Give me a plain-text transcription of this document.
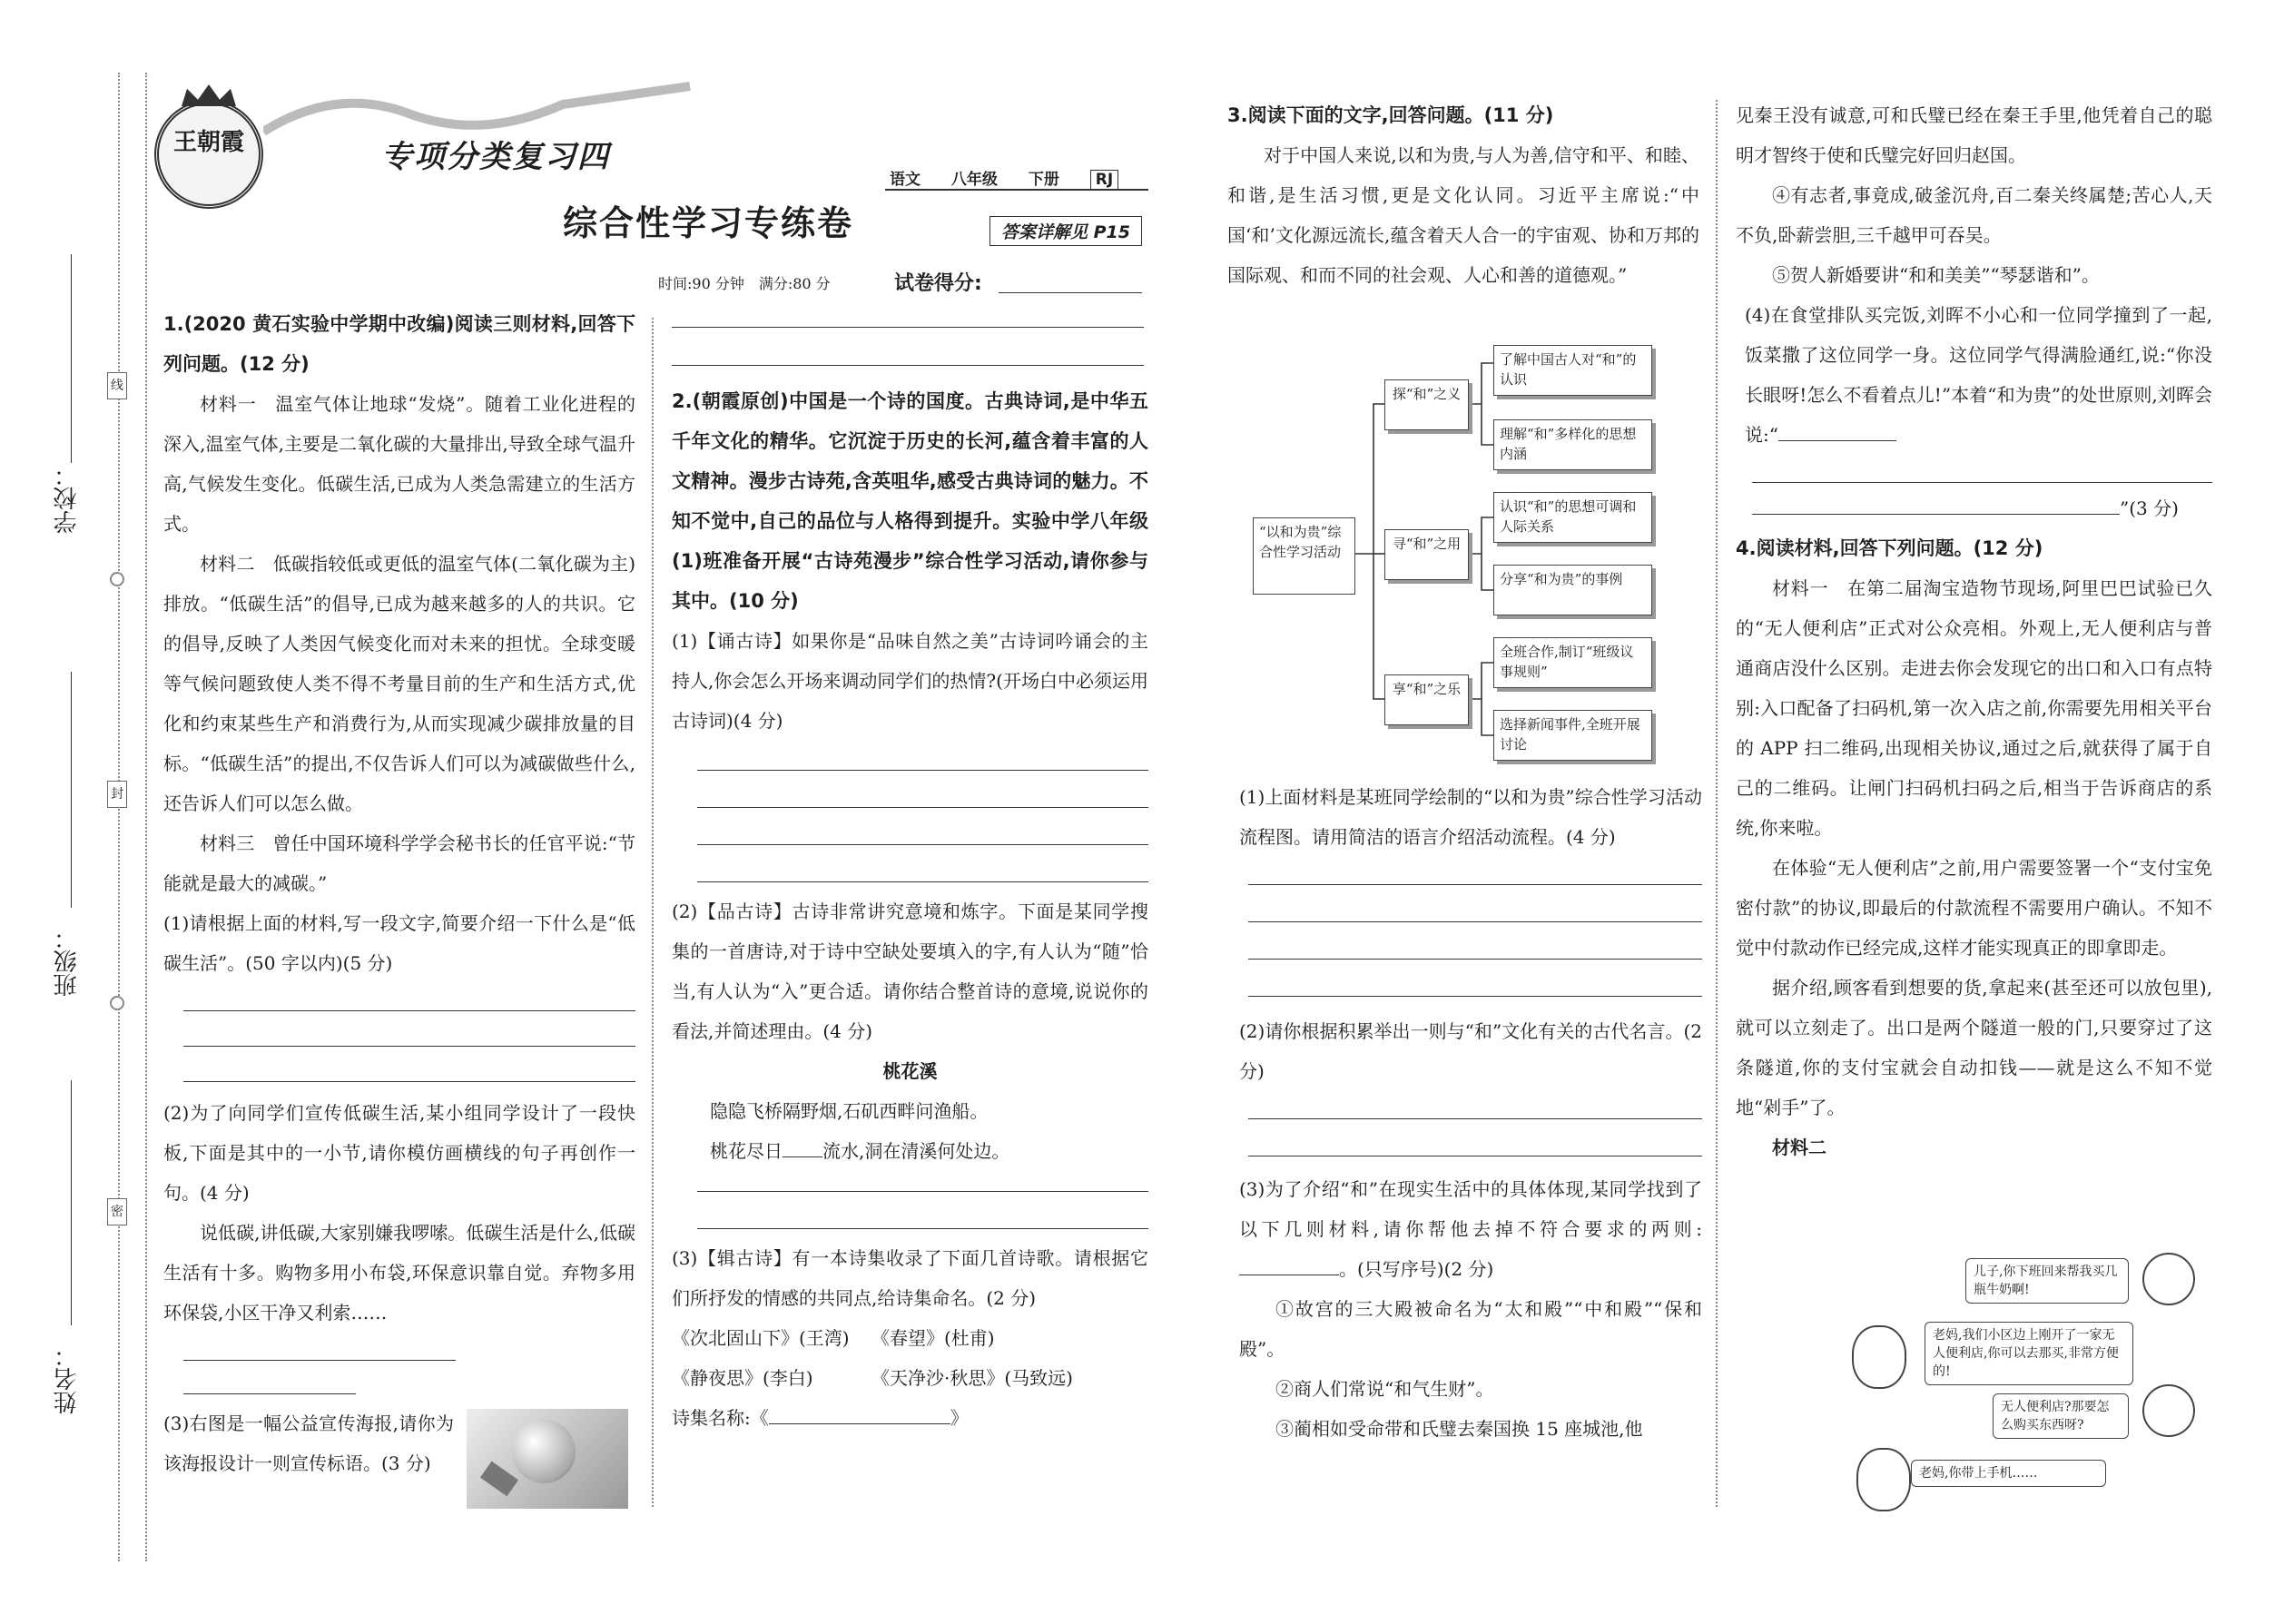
学校：
班级：
姓名：
线
封
密
王朝霞	专项分类复习四
综合性学习专练卷
语文 八年级 下册 RJ
答案详解见 P15
时间:90 分钟　满分:80 分	试卷得分:

1.(2020 黄石实验中学期中改编)阅读三则材料,回答下列问题。(12 分)

材料一　温室气体让地球“发烧”。随着工业化进程的深入,温室气体,主要是二氧化碳的大量排出,导致全球气温升高,气候发生变化。低碳生活,已成为人类急需建立的生活方式。

材料二　低碳指较低或更低的温室气体(二氧化碳为主)排放。“低碳生活”的倡导,已成为越来越多的人的共识。它的倡导,反映了人类因气候变化而对未来的担忧。全球变暖等气候问题致使人类不得不考量目前的生产和生活方式,优化和约束某些生产和消费行为,从而实现减少碳排放量的目标。“低碳生活”的提出,不仅告诉人们可以为减碳做些什么,还告诉人们可以怎么做。

材料三　曾任中国环境科学学会秘书长的任官平说:“节能就是最大的减碳。”

(1)请根据上面的材料,写一段文字,简要介绍一下什么是“低碳生活”。(50 字以内)(5 分)

(2)为了向同学们宣传低碳生活,某小组同学设计了一段快板,下面是其中的一小节,请你模仿画横线的句子再创作一句。(4 分)

说低碳,讲低碳,大家别嫌我啰嗦。低碳生活是什么,低碳生活有十多。购物多用小布袋,环保意识靠自觉。弃物多用环保袋,小区干净又利索……

(3)右图是一幅公益宣传海报,请你为该海报设计一则宣传标语。(3 分)

2.(朝霞原创)中国是一个诗的国度。古典诗词,是中华五千年文化的精华。它沉淀于历史的长河,蕴含着丰富的人文精神。漫步古诗苑,含英咀华,感受古典诗词的魅力。不知不觉中,自己的品位与人格得到提升。实验中学八年级(1)班准备开展“古诗苑漫步”综合性学习活动,请你参与其中。(10 分)

(1)【诵古诗】如果你是“品味自然之美”古诗词吟诵会的主持人,你会怎么开场来调动同学们的热情?(开场白中必须运用古诗词)(4 分)

(2)【品古诗】古诗非常讲究意境和炼字。下面是某同学搜集的一首唐诗,对于诗中空缺处要填入的字,有人认为“随”恰当,有人认为“入”更合适。请你结合整首诗的意境,说说你的看法,并简述理由。(4 分)

桃花溪

隐隐飞桥隔野烟,石矶西畔问渔船。

桃花尽日 流水,洞在清溪何处边。

(3)【辑古诗】有一本诗集收录了下面几首诗歌。请根据它们所抒发的情感的共同点,给诗集命名。(2 分)

《次北固山下》(王湾) 《春望》(杜甫)

《静夜思》(李白)	《天净沙·秋思》(马致远)

诗集名称:《	》

3.阅读下面的文字,回答问题。(11 分)

对于中国人来说,以和为贵,与人为善,信守和平、和睦、和谐,是生活习惯,更是文化认同。习近平主席说:“中国‘和’文化源远流长,蕴含着天人合一的宇宙观、协和万邦的国际观、和而不同的社会观、人心和善的道德观。”

“以和为贵”综合性学习活动
探“和”之义
寻“和”之用
享“和”之乐
了解中国古人对“和”的认识
理解“和”多样化的思想内涵
认识“和”的思想可调和人际关系
分享“和为贵”的事例
全班合作,制订“班级议事规则”
选择新闻事件,全班开展讨论

(1)上面材料是某班同学绘制的“以和为贵”综合性学习活动流程图。请用简洁的语言介绍活动流程。(4 分)

(2)请你根据积累举出一则与“和”文化有关的古代名言。(2 分)

(3)为了介绍“和”在现实生活中的具体体现,某同学找到了以下几则材料,请你帮他去掉不符合要求的两则:。(只写序号)(2 分)

①故宫的三大殿被命名为“太和殿”“中和殿”“保和殿”。

②商人们常说“和气生财”。

③蔺相如受命带和氏璧去秦国换 15 座城池,他

见秦王没有诚意,可和氏璧已经在秦王手里,他凭着自己的聪明才智终于使和氏璧完好回归赵国。

④有志者,事竟成,破釜沉舟,百二秦关终属楚;苦心人,天不负,卧薪尝胆,三千越甲可吞吴。

⑤贺人新婚要讲“和和美美”“琴瑟谐和”。

(4)在食堂排队买完饭,刘晖不小心和一位同学撞到了一起,饭菜撒了这位同学一身。这位同学气得满脸通红,说:“你没长眼呀!怎么不看着点儿!”本着“和为贵”的处世原则,刘晖会说:“

”(3 分)

4.阅读材料,回答下列问题。(12 分)

材料一　在第二届淘宝造物节现场,阿里巴巴试验已久的“无人便利店”正式对公众亮相。外观上,无人便利店与普通商店没什么区别。走进去你会发现它的出口和入口有点特别:入口配备了扫码机,第一次入店之前,你需要先用相关平台的 APP 扫二维码,出现相关协议,通过之后,就获得了属于自己的二维码。让闸门扫码机扫码之后,相当于告诉商店的系统,你来啦。

在体验“无人便利店”之前,用户需要签署一个“支付宝免密付款”的协议,即最后的付款流程不需要用户确认。不知不觉中付款动作已经完成,这样才能实现真正的即拿即走。

据介绍,顾客看到想要的货,拿起来(甚至还可以放包里),就可以立刻走了。出口是两个隧道一般的门,只要穿过了这条隧道,你的支付宝就会自动扣钱——就是这么不知不觉地“剁手”了。

材料二

儿子,你下班回来帮我买几瓶牛奶啊!
老妈,我们小区边上刚开了一家无人便利店,你可以去那买,非常方便的!
无人便利店?那要怎么购买东西呀?
老妈,你带上手机……
